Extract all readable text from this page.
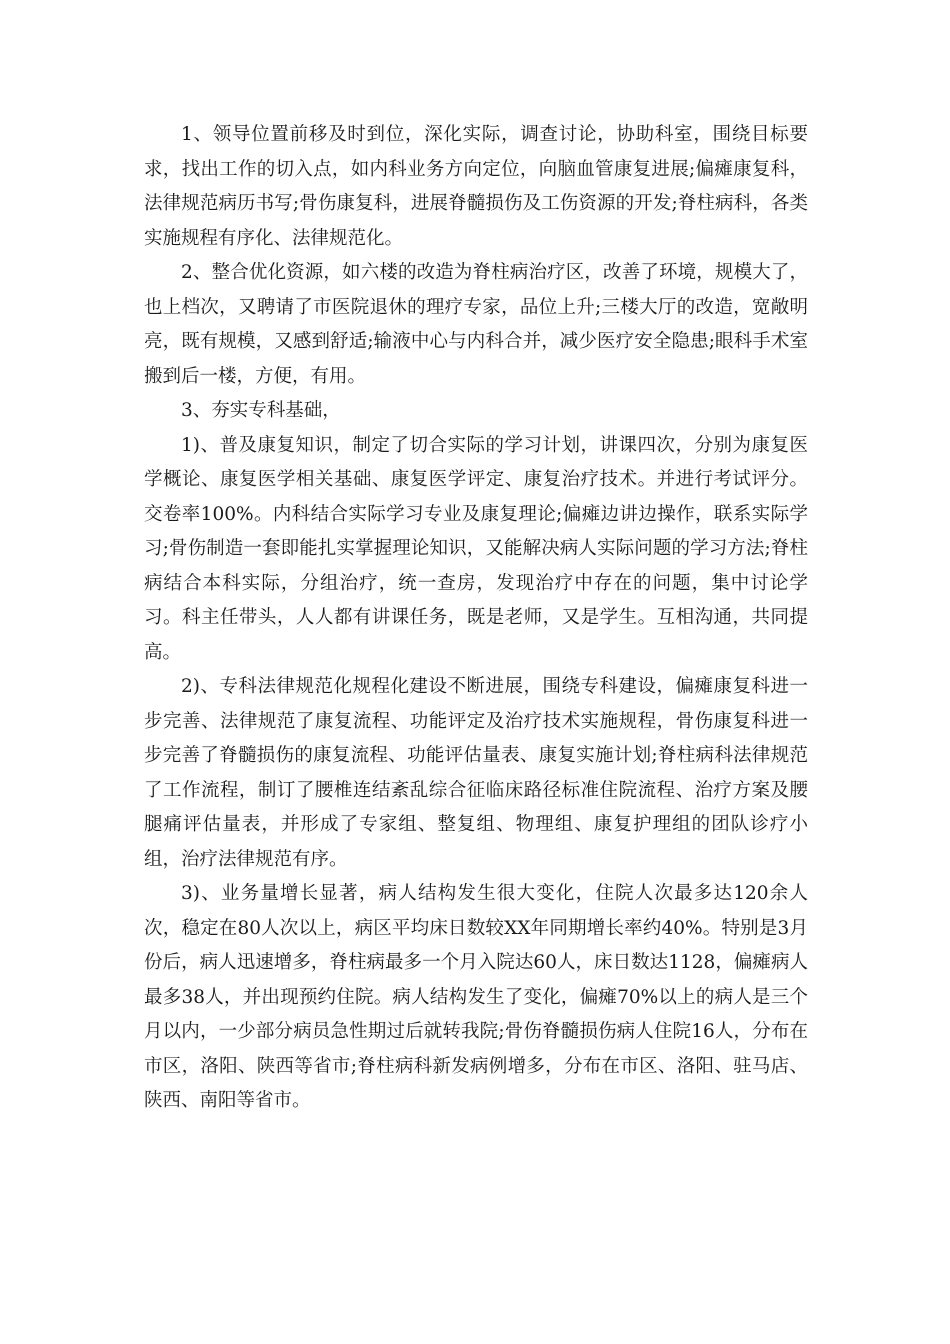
1、领导位置前移及时到位，深化实际，调查讨论，协助科室，围绕目标要求，找出工作的切入点，如内科业务方向定位，向脑血管康复进展;偏瘫康复科，法律规范病历书写;骨伤康复科，进展脊髓损伤及工伤资源的开发;脊柱病科，各类实施规程有序化、法律规范化。

2、整合优化资源，如六楼的改造为脊柱病治疗区，改善了环境，规模大了，也上档次，又聘请了市医院退休的理疗专家，品位上升;三楼大厅的改造，宽敞明亮，既有规模，又感到舒适;输液中心与内科合并，减少医疗安全隐患;眼科手术室搬到后一楼，方便，有用。

3、夯实专科基础，

1)、普及康复知识，制定了切合实际的学习计划，讲课四次，分别为康复医学概论、康复医学相关基础、康复医学评定、康复治疗技术。并进行考试评分。交卷率100%。内科结合实际学习专业及康复理论;偏瘫边讲边操作，联系实际学习;骨伤制造一套即能扎实掌握理论知识，又能解决病人实际问题的学习方法;脊柱病结合本科实际，分组治疗，统一查房，发现治疗中存在的问题，集中讨论学习。科主任带头，人人都有讲课任务，既是老师，又是学生。互相沟通，共同提高。

2)、专科法律规范化规程化建设不断进展，围绕专科建设，偏瘫康复科进一步完善、法律规范了康复流程、功能评定及治疗技术实施规程，骨伤康复科进一步完善了脊髓损伤的康复流程、功能评估量表、康复实施计划;脊柱病科法律规范了工作流程，制订了腰椎连结紊乱综合征临床路径标准住院流程、治疗方案及腰腿痛评估量表，并形成了专家组、整复组、物理组、康复护理组的团队诊疗小组，治疗法律规范有序。

3)、业务量增长显著，病人结构发生很大变化，住院人次最多达120余人次，稳定在80人次以上，病区平均床日数较XX年同期增长率约40%。特别是3月份后，病人迅速增多，脊柱病最多一个月入院达60人，床日数达1128，偏瘫病人最多38人，并出现预约住院。病人结构发生了变化，偏瘫70%以上的病人是三个月以内，一少部分病员急性期过后就转我院;骨伤脊髓损伤病人住院16人，分布在市区，洛阳、陕西等省市;脊柱病科新发病例增多，分布在市区、洛阳、驻马店、陕西、南阳等省市。
